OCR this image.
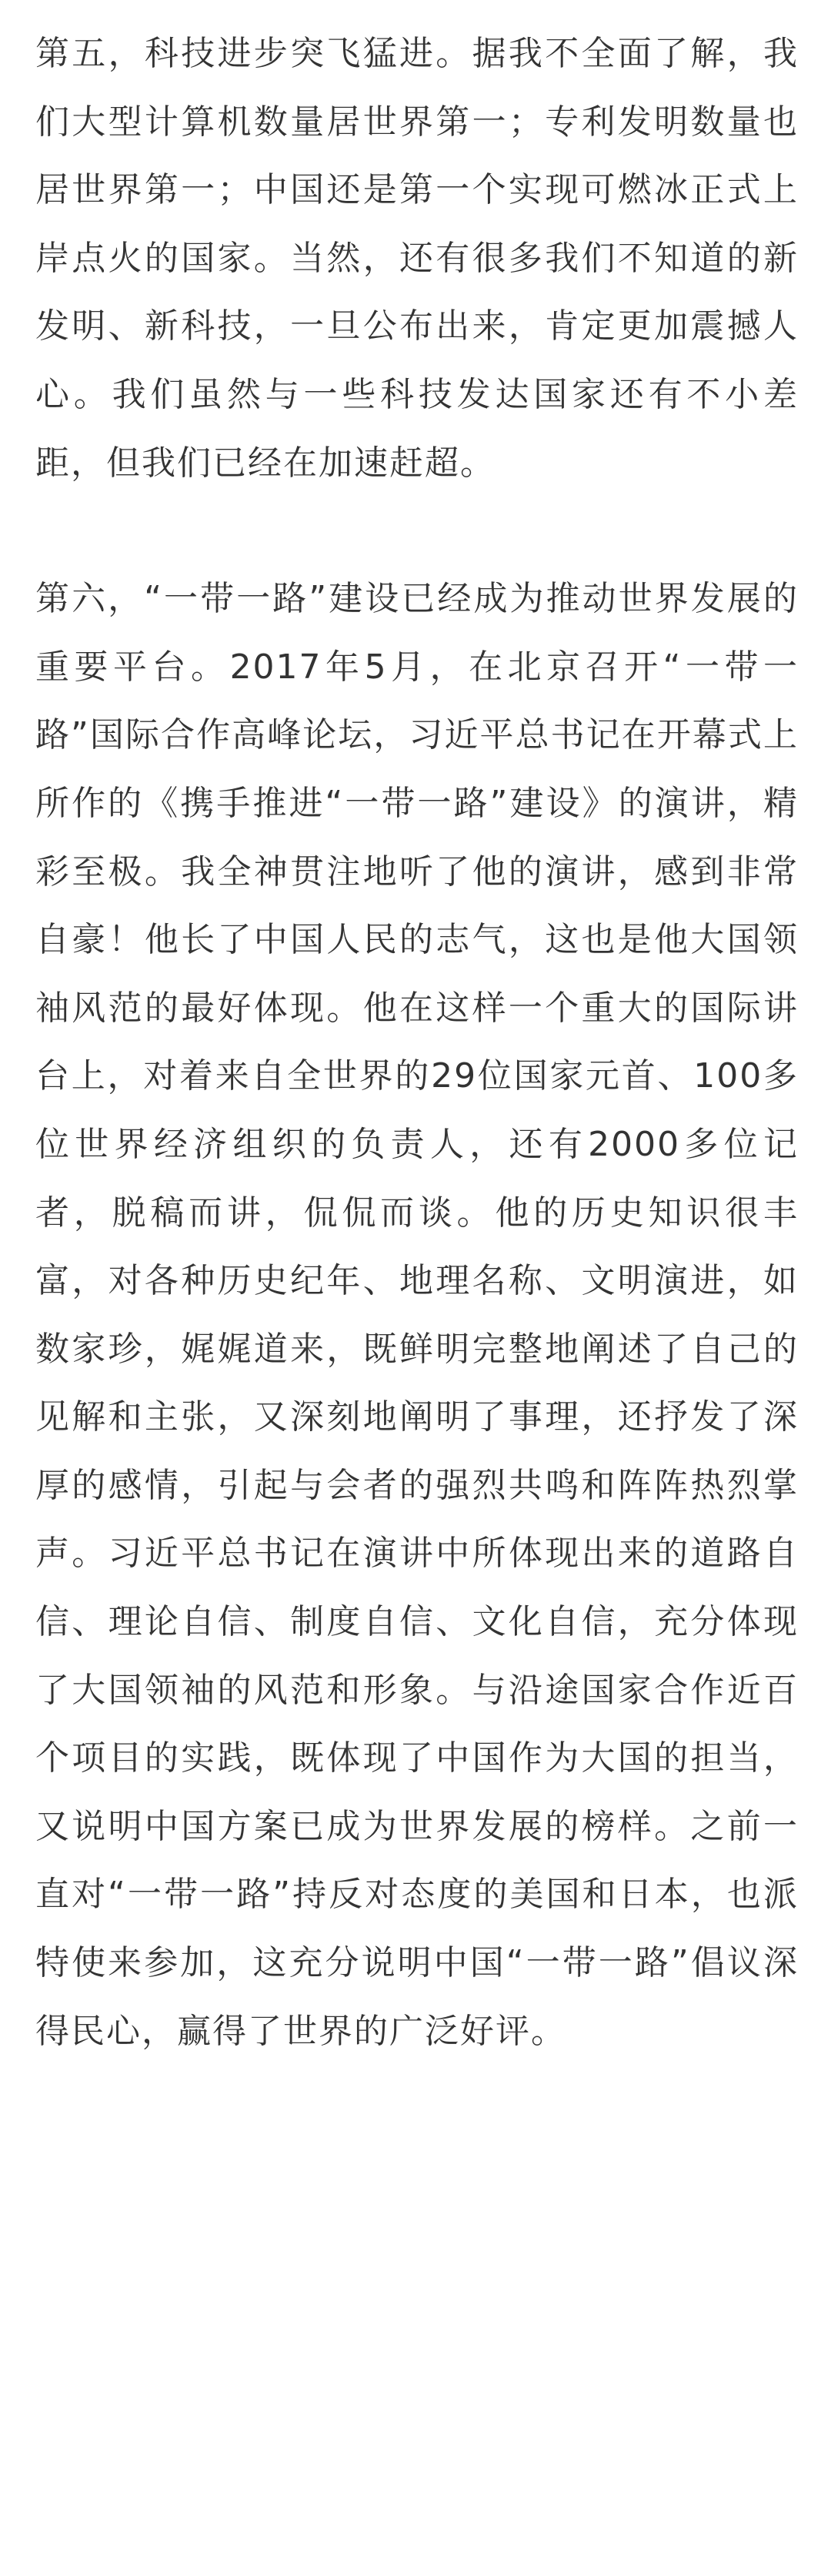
第五，科技进步突飞猛进。据我不全面了解，我们大型计算机数量居世界第一；专利发明数量也居世界第一；中国还是第一个实现可燃冰正式上岸点火的国家。当然，还有很多我们不知道的新发明、新科技，一旦公布出来，肯定更加震撼人心。我们虽然与一些科技发达国家还有不小差距，但我们已经在加速赶超。

第六，“一带一路”建设已经成为推动世界发展的重要平台。2017年5月，在北京召开“一带一路”国际合作高峰论坛，习近平总书记在开幕式上所作的《携手推进“一带一路”建设》的演讲，精彩至极。我全神贯注地听了他的演讲，感到非常自豪！他长了中国人民的志气，这也是他大国领袖风范的最好体现。他在这样一个重大的国际讲台上，对着来自全世界的29位国家元首、100多位世界经济组织的负责人，还有2000多位记者，脱稿而讲，侃侃而谈。他的历史知识很丰富，对各种历史纪年、地理名称、文明演进，如数家珍，娓娓道来，既鲜明完整地阐述了自己的见解和主张，又深刻地阐明了事理，还抒发了深厚的感情，引起与会者的强烈共鸣和阵阵热烈掌声。习近平总书记在演讲中所体现出来的道路自信、理论自信、制度自信、文化自信，充分体现了大国领袖的风范和形象。与沿途国家合作近百个项目的实践，既体现了中国作为大国的担当，又说明中国方案已成为世界发展的榜样。之前一直对“一带一路”持反对态度的美国和日本，也派特使来参加，这充分说明中国“一带一路”倡议深得民心，赢得了世界的广泛好评。
